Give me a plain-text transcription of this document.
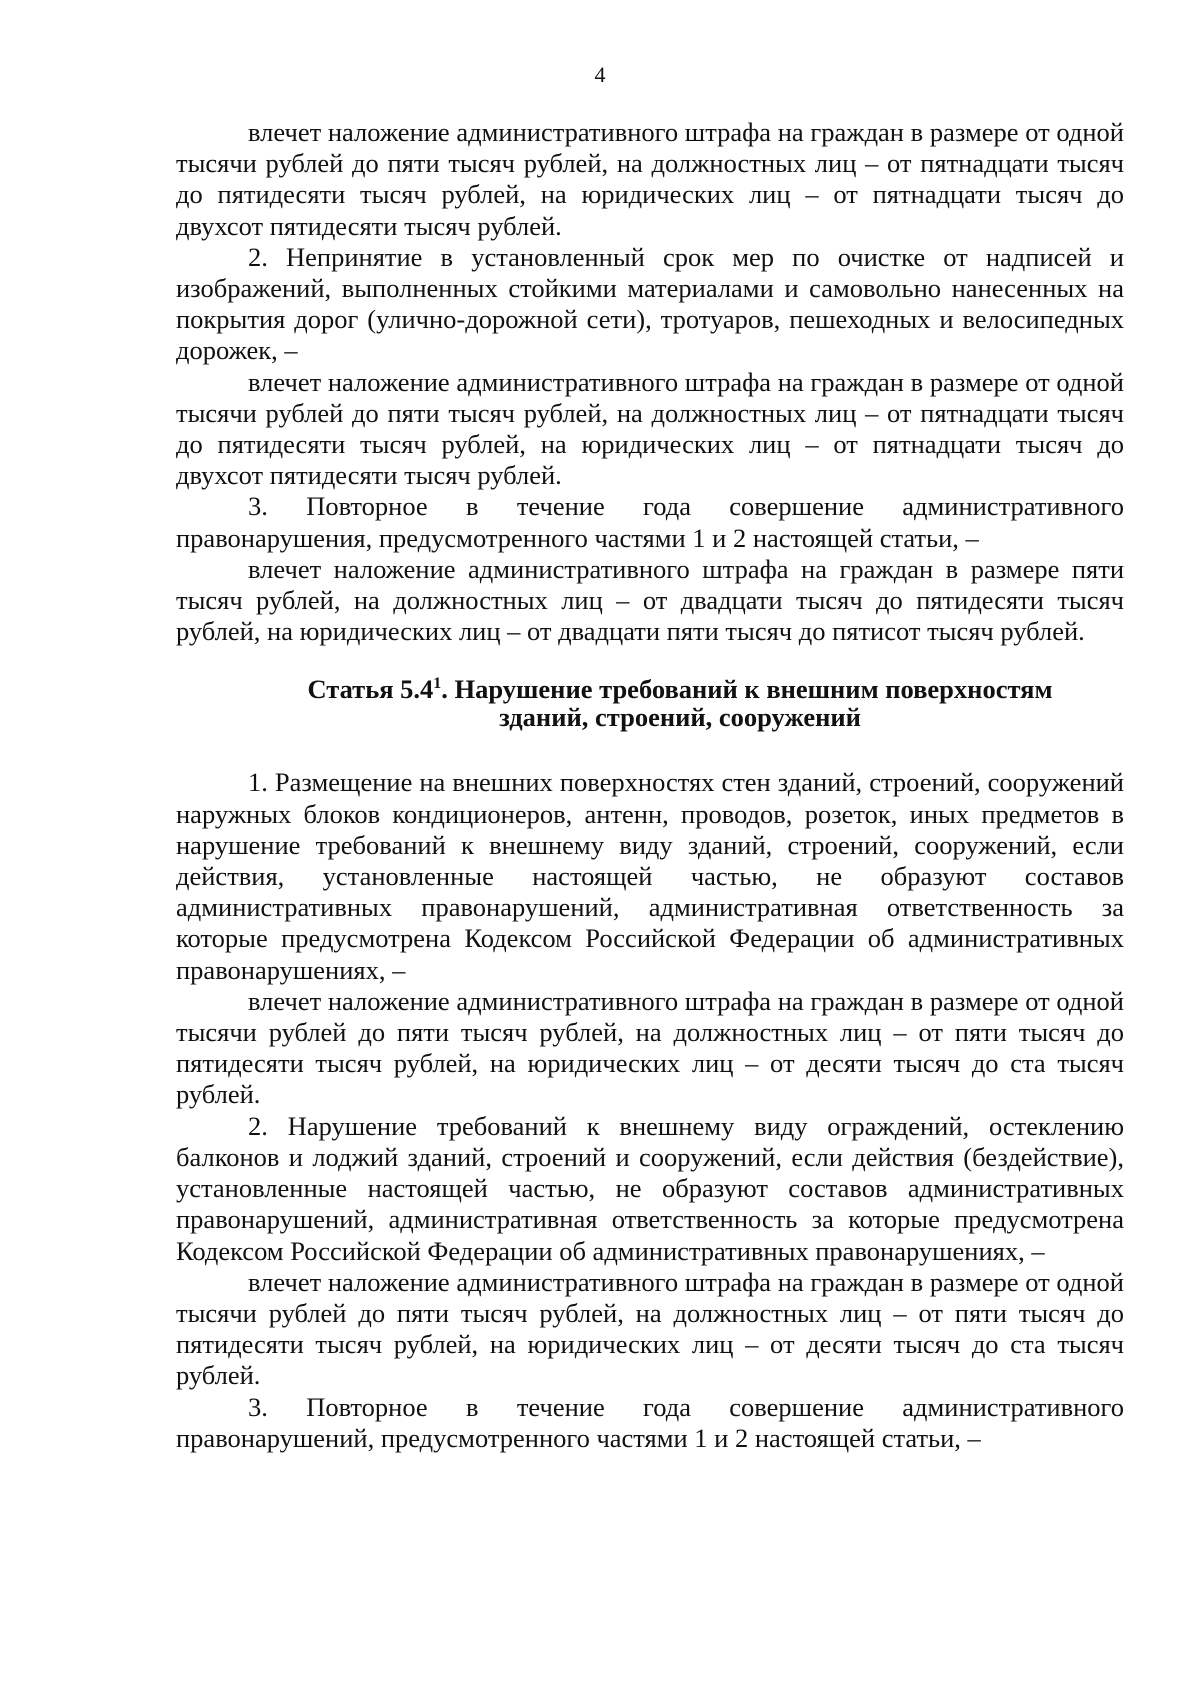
4

влечет наложение административного штрафа на граждан в размере от одной тысячи рублей до пяти тысяч рублей, на должностных лиц – от пятнадцати тысяч до пятидесяти тысяч рублей, на юридических лиц – от пятнадцати тысяч до двухсот пятидесяти тысяч рублей.

2. Непринятие в установленный срок мер по очистке от надписей и изображений, выполненных стойкими материалами и самовольно нанесенных на покрытия дорог (улично-дорожной сети), тротуаров, пешеходных и велосипедных дорожек, –

влечет наложение административного штрафа на граждан в размере от одной тысячи рублей до пяти тысяч рублей, на должностных лиц – от пятнадцати тысяч до пятидесяти тысяч рублей, на юридических лиц – от пятнадцати тысяч до двухсот пятидесяти тысяч рублей.

3. Повторное в течение года совершение административного правонарушения, предусмотренного частями 1 и 2 настоящей статьи, –

влечет наложение административного штрафа на граждан в размере пяти тысяч рублей, на должностных лиц – от двадцати тысяч до пятидесяти тысяч рублей, на юридических лиц – от двадцати пяти тысяч до пятисот тысяч рублей.

Статья $5.4^1$. Нарушение требований к внешним поверхностям
зданий, строений, сооружений

1. Размещение на внешних поверхностях стен зданий, строений, сооружений наружных блоков кондиционеров, антенн, проводов, розеток, иных предметов в нарушение требований к внешнему виду зданий, строений, сооружений, если действия, установленные настоящей частью, не образуют составов административных правонарушений, административная ответственность за которые предусмотрена Кодексом Российской Федерации об административных правонарушениях, –

влечет наложение административного штрафа на граждан в размере от одной тысячи рублей до пяти тысяч рублей, на должностных лиц – от пяти тысяч до пятидесяти тысяч рублей, на юридических лиц – от десяти тысяч до ста тысяч рублей.

2. Нарушение требований к внешнему виду ограждений, остеклению балконов и лоджий зданий, строений и сооружений, если действия (бездействие), установленные настоящей частью, не образуют составов административных правонарушений, административная ответственность за которые предусмотрена Кодексом Российской Федерации об административных правонарушениях, –

влечет наложение административного штрафа на граждан в размере от одной тысячи рублей до пяти тысяч рублей, на должностных лиц – от пяти тысяч до пятидесяти тысяч рублей, на юридических лиц – от десяти тысяч до ста тысяч рублей.

3. Повторное в течение года совершение административного правонарушений, предусмотренного частями 1 и 2 настоящей статьи, –
